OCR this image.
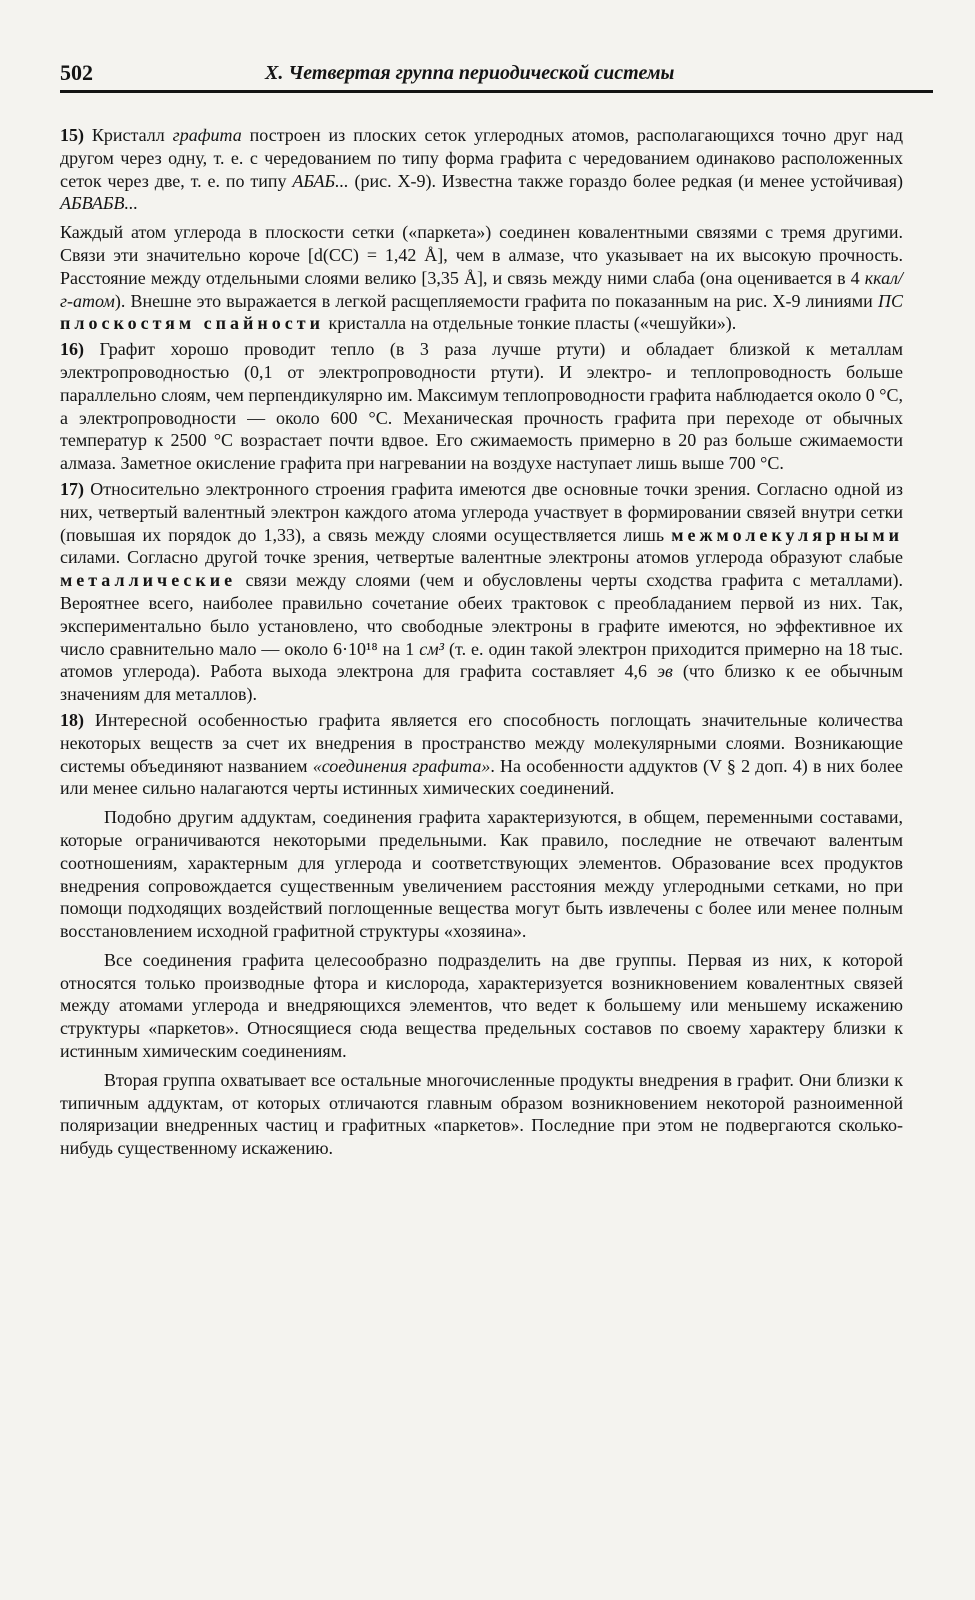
502	X. Четвертая группа периодической системы

15) Кристалл графита построен из плоских сеток углеродных атомов, располагающихся точно друг над другом через одну, т. е. с чередованием по типу форма графита с чередованием одинаково расположенных сеток через две, т. е. по типу АБАБ... (рис. X-9). Известна также гораздо более редкая (и менее устойчивая) АБВАБВ...

Каждый атом углерода в плоскости сетки («паркета») соединен ковалентными связями с тремя другими. Связи эти значительно короче [d(CC) = 1,42 Å], чем в алмазе, что указывает на их высокую прочность. Расстояние между отдельными слоями велико [3,35 Å], и связь между ними слаба (она оценивается в 4 ккал/г-атом). Внешне это выражается в легкой расщепляемости графита по показанным на рис. X-9 линиями ПС плоскостям спайности кристалла на отдельные тонкие пласты («чешуйки»).

16) Графит хорошо проводит тепло (в 3 раза лучше ртути) и обладает близкой к металлам электропроводностью (0,1 от электропроводности ртути). И электро- и теплопроводность больше параллельно слоям, чем перпендикулярно им. Максимум теплопроводности графита наблюдается около 0 °C, а электропроводности — около 600 °C. Механическая прочность графита при переходе от обычных температур к 2500 °C возрастает почти вдвое. Его сжимаемость примерно в 20 раз больше сжимаемости алмаза. Заметное окисление графита при нагревании на воздухе наступает лишь выше 700 °C.

17) Относительно электронного строения графита имеются две основные точки зрения. Согласно одной из них, четвертый валентный электрон каждого атома углерода участвует в формировании связей внутри сетки (повышая их порядок до 1,33), а связь между слоями осуществляется лишь межмолекулярными силами. Согласно другой точке зрения, четвертые валентные электроны атомов углерода образуют слабые металлические связи между слоями (чем и обусловлены черты сходства графита с металлами). Вероятнее всего, наиболее правильно сочетание обеих трактовок с преобладанием первой из них. Так, экспериментально было установлено, что свободные электроны в графите имеются, но эффективное их число сравнительно мало — около 6·10¹⁸ на 1 см³ (т. е. один такой электрон приходится примерно на 18 тыс. атомов углерода). Работа выхода электрона для графита составляет 4,6 эв (что близко к ее обычным значениям для металлов).

18) Интересной особенностью графита является его способность поглощать значительные количества некоторых веществ за счет их внедрения в пространство между молекулярными слоями. Возникающие системы объединяют названием «соединения графита». На особенности аддуктов (V § 2 доп. 4) в них более или менее сильно налагаются черты истинных химических соединений.

Подобно другим аддуктам, соединения графита характеризуются, в общем, переменными составами, которые ограничиваются некоторыми предельными. Как правило, последние не отвечают валентым соотношениям, характерным для углерода и соответствующих элементов. Образование всех продуктов внедрения сопровождается существенным увеличением расстояния между углеродными сетками, но при помощи подходящих воздействий поглощенные вещества могут быть извлечены с более или менее полным восстановлением исходной графитной структуры «хозяина».

Все соединения графита целесообразно подразделить на две группы. Первая из них, к которой относятся только производные фтора и кислорода, характеризуется возникновением ковалентных связей между атомами углерода и внедряющихся элементов, что ведет к большему или меньшему искажению структуры «паркетов». Относящиеся сюда вещества предельных составов по своему характеру близки к истинным химическим соединениям.

Вторая группа охватывает все остальные многочисленные продукты внедрения в графит. Они близки к типичным аддуктам, от которых отличаются главным образом возникновением некоторой разноименной поляризации внедренных частиц и графитных «паркетов». Последние при этом не подвергаются сколько-нибудь существенному искажению.
